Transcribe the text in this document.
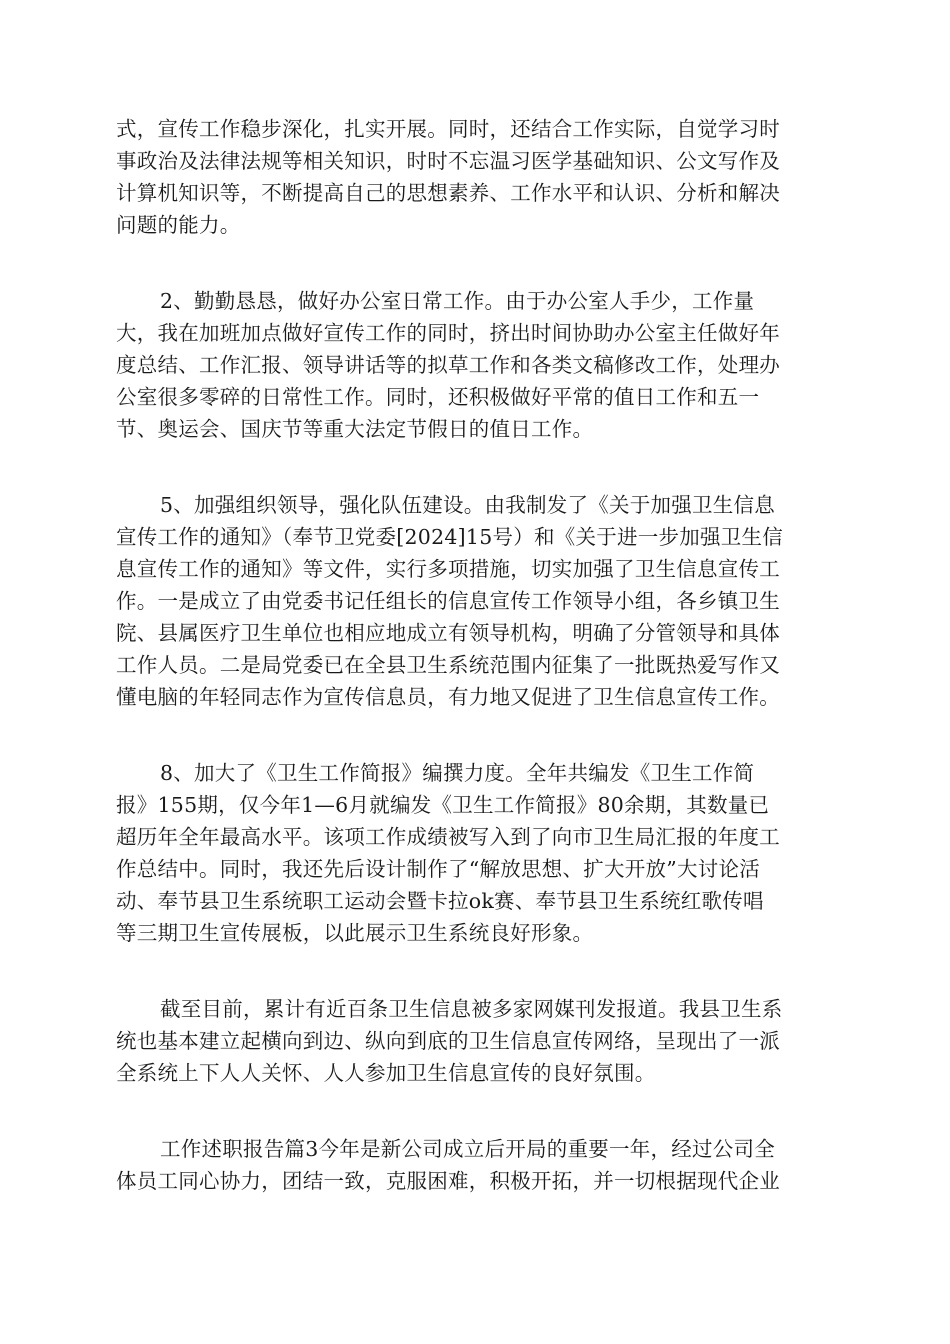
式，宣传工作稳步深化，扎实开展。同时，还结合工作实际，自觉学习时

事政治及法律法规等相关知识，时时不忘温习医学基础知识、公文写作及

计算机知识等，不断提高自己的思想素养、工作水平和认识、分析和解决

问题的能力。

2、勤勤恳恳，做好办公室日常工作。由于办公室人手少，工作量

大，我在加班加点做好宣传工作的同时，挤出时间协助办公室主任做好年

度总结、工作汇报、领导讲话等的拟草工作和各类文稿修改工作，处理办

公室很多零碎的日常性工作。同时，还积极做好平常的值日工作和五一

节、奥运会、国庆节等重大法定节假日的值日工作。

5、加强组织领导，强化队伍建设。由我制发了《关于加强卫生信息

宣传工作的通知》（奉节卫党委[2024]15号）和《关于进一步加强卫生信

息宣传工作的通知》等文件，实行多项措施，切实加强了卫生信息宣传工

作。一是成立了由党委书记任组长的信息宣传工作领导小组，各乡镇卫生

院、县属医疗卫生单位也相应地成立有领导机构，明确了分管领导和具体

工作人员。二是局党委已在全县卫生系统范围内征集了一批既热爱写作又

懂电脑的年轻同志作为宣传信息员，有力地又促进了卫生信息宣传工作。

8、加大了《卫生工作简报》编撰力度。全年共编发《卫生工作简

报》155期，仅今年1—6月就编发《卫生工作简报》80余期，其数量已

超历年全年最高水平。该项工作成绩被写入到了向市卫生局汇报的年度工

作总结中。同时，我还先后设计制作了“解放思想、扩大开放”大讨论活

动、奉节县卫生系统职工运动会暨卡拉ok赛、奉节县卫生系统红歌传唱

等三期卫生宣传展板，以此展示卫生系统良好形象。

截至目前，累计有近百条卫生信息被多家网媒刊发报道。我县卫生系

统也基本建立起横向到边、纵向到底的卫生信息宣传网络，呈现出了一派

全系统上下人人关怀、人人参加卫生信息宣传的良好氛围。

工作述职报告篇3今年是新公司成立后开局的重要一年，经过公司全

体员工同心协力，团结一致，克服困难，积极开拓，并一切根据现代企业
